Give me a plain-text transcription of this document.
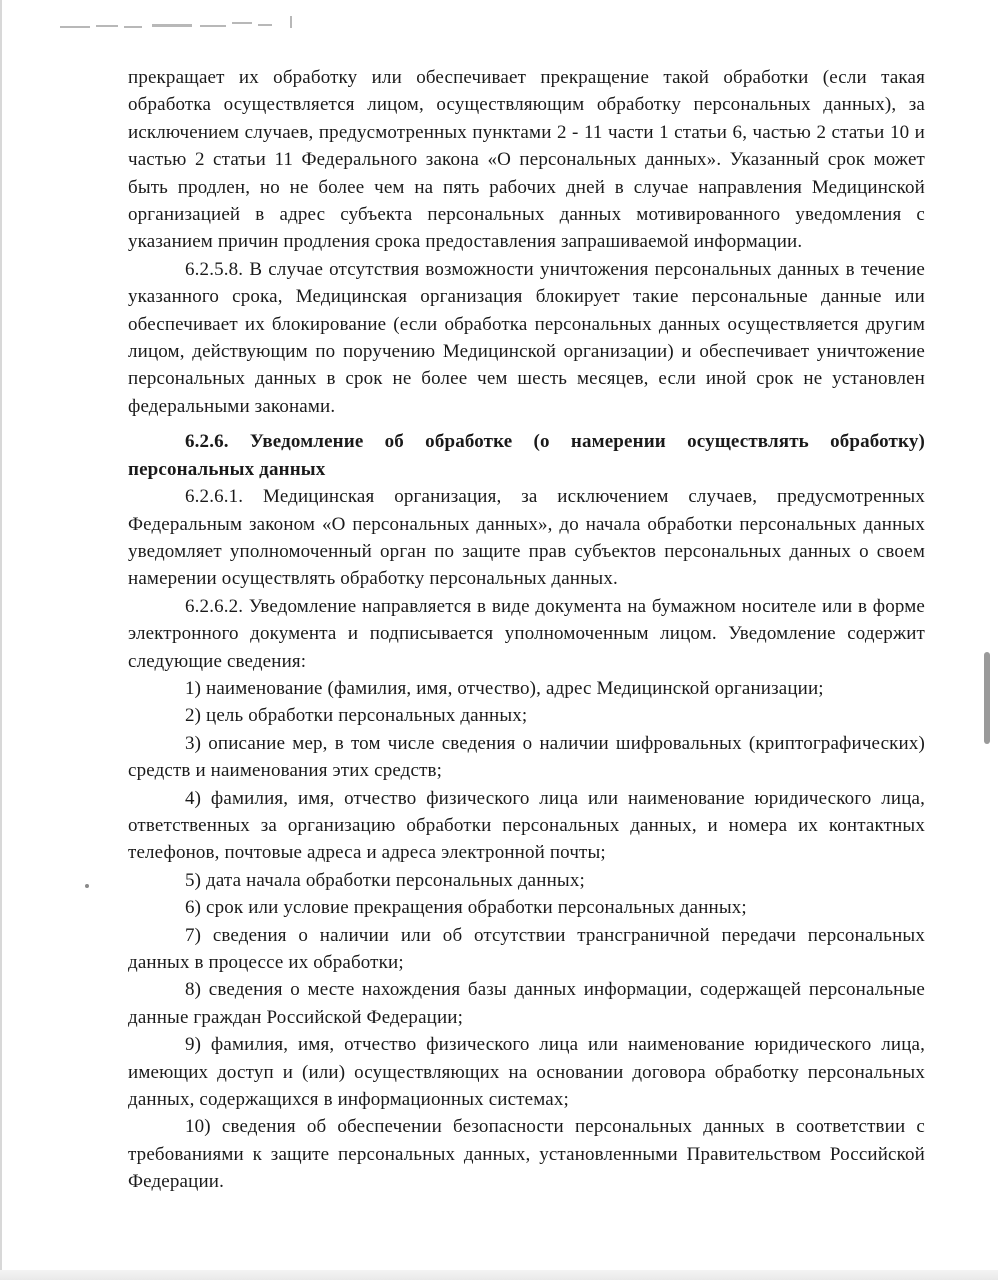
прекращает их обработку или обеспечивает прекращение такой обработки (если такая обработка осуществляется лицом, осуществляющим обработку персональных данных), за исключением случаев, предусмотренных пунктами 2 - 11 части 1 статьи 6, частью 2 статьи 10 и частью 2 статьи 11 Федерального закона «О персональных данных». Указанный срок может быть продлен, но не более чем на пять рабочих дней в случае направления Медицинской организацией в адрес субъекта персональных данных мотивированного уведомления с указанием причин продления срока предоставления запрашиваемой информации.

6.2.5.8. В случае отсутствия возможности уничтожения персональных данных в течение указанного срока, Медицинская организация блокирует такие персональные данные или обеспечивает их блокирование (если обработка персональных данных осуществляется другим лицом, действующим по поручению Медицинской организации) и обеспечивает уничтожение персональных данных в срок не более чем шесть месяцев, если иной срок не установлен федеральными законами.

6.2.6. Уведомление об обработке (о намерении осуществлять обработку) персональных данных

6.2.6.1. Медицинская организация, за исключением случаев, предусмотренных Федеральным законом «О персональных данных», до начала обработки персональных данных уведомляет уполномоченный орган по защите прав субъектов персональных данных о своем намерении осуществлять обработку персональных данных.

6.2.6.2. Уведомление направляется в виде документа на бумажном носителе или в форме электронного документа и подписывается уполномоченным лицом. Уведомление содержит следующие сведения:

1) наименование (фамилия, имя, отчество), адрес Медицинской организации;

2) цель обработки персональных данных;

3) описание мер, в том числе сведения о наличии шифровальных (криптографических) средств и наименования этих средств;

4) фамилия, имя, отчество физического лица или наименование юридического лица, ответственных за организацию обработки персональных данных, и номера их контактных телефонов, почтовые адреса и адреса электронной почты;

5) дата начала обработки персональных данных;

6) срок или условие прекращения обработки персональных данных;

7) сведения о наличии или об отсутствии трансграничной передачи персональных данных в процессе их обработки;

8) сведения о месте нахождения базы данных информации, содержащей персональные данные граждан Российской Федерации;

9) фамилия, имя, отчество физического лица или наименование юридического лица, имеющих доступ и (или) осуществляющих на основании договора обработку персональных данных, содержащихся в информационных системах;

10) сведения об обеспечении безопасности персональных данных в соответствии с требованиями к защите персональных данных, установленными Правительством Российской Федерации.
